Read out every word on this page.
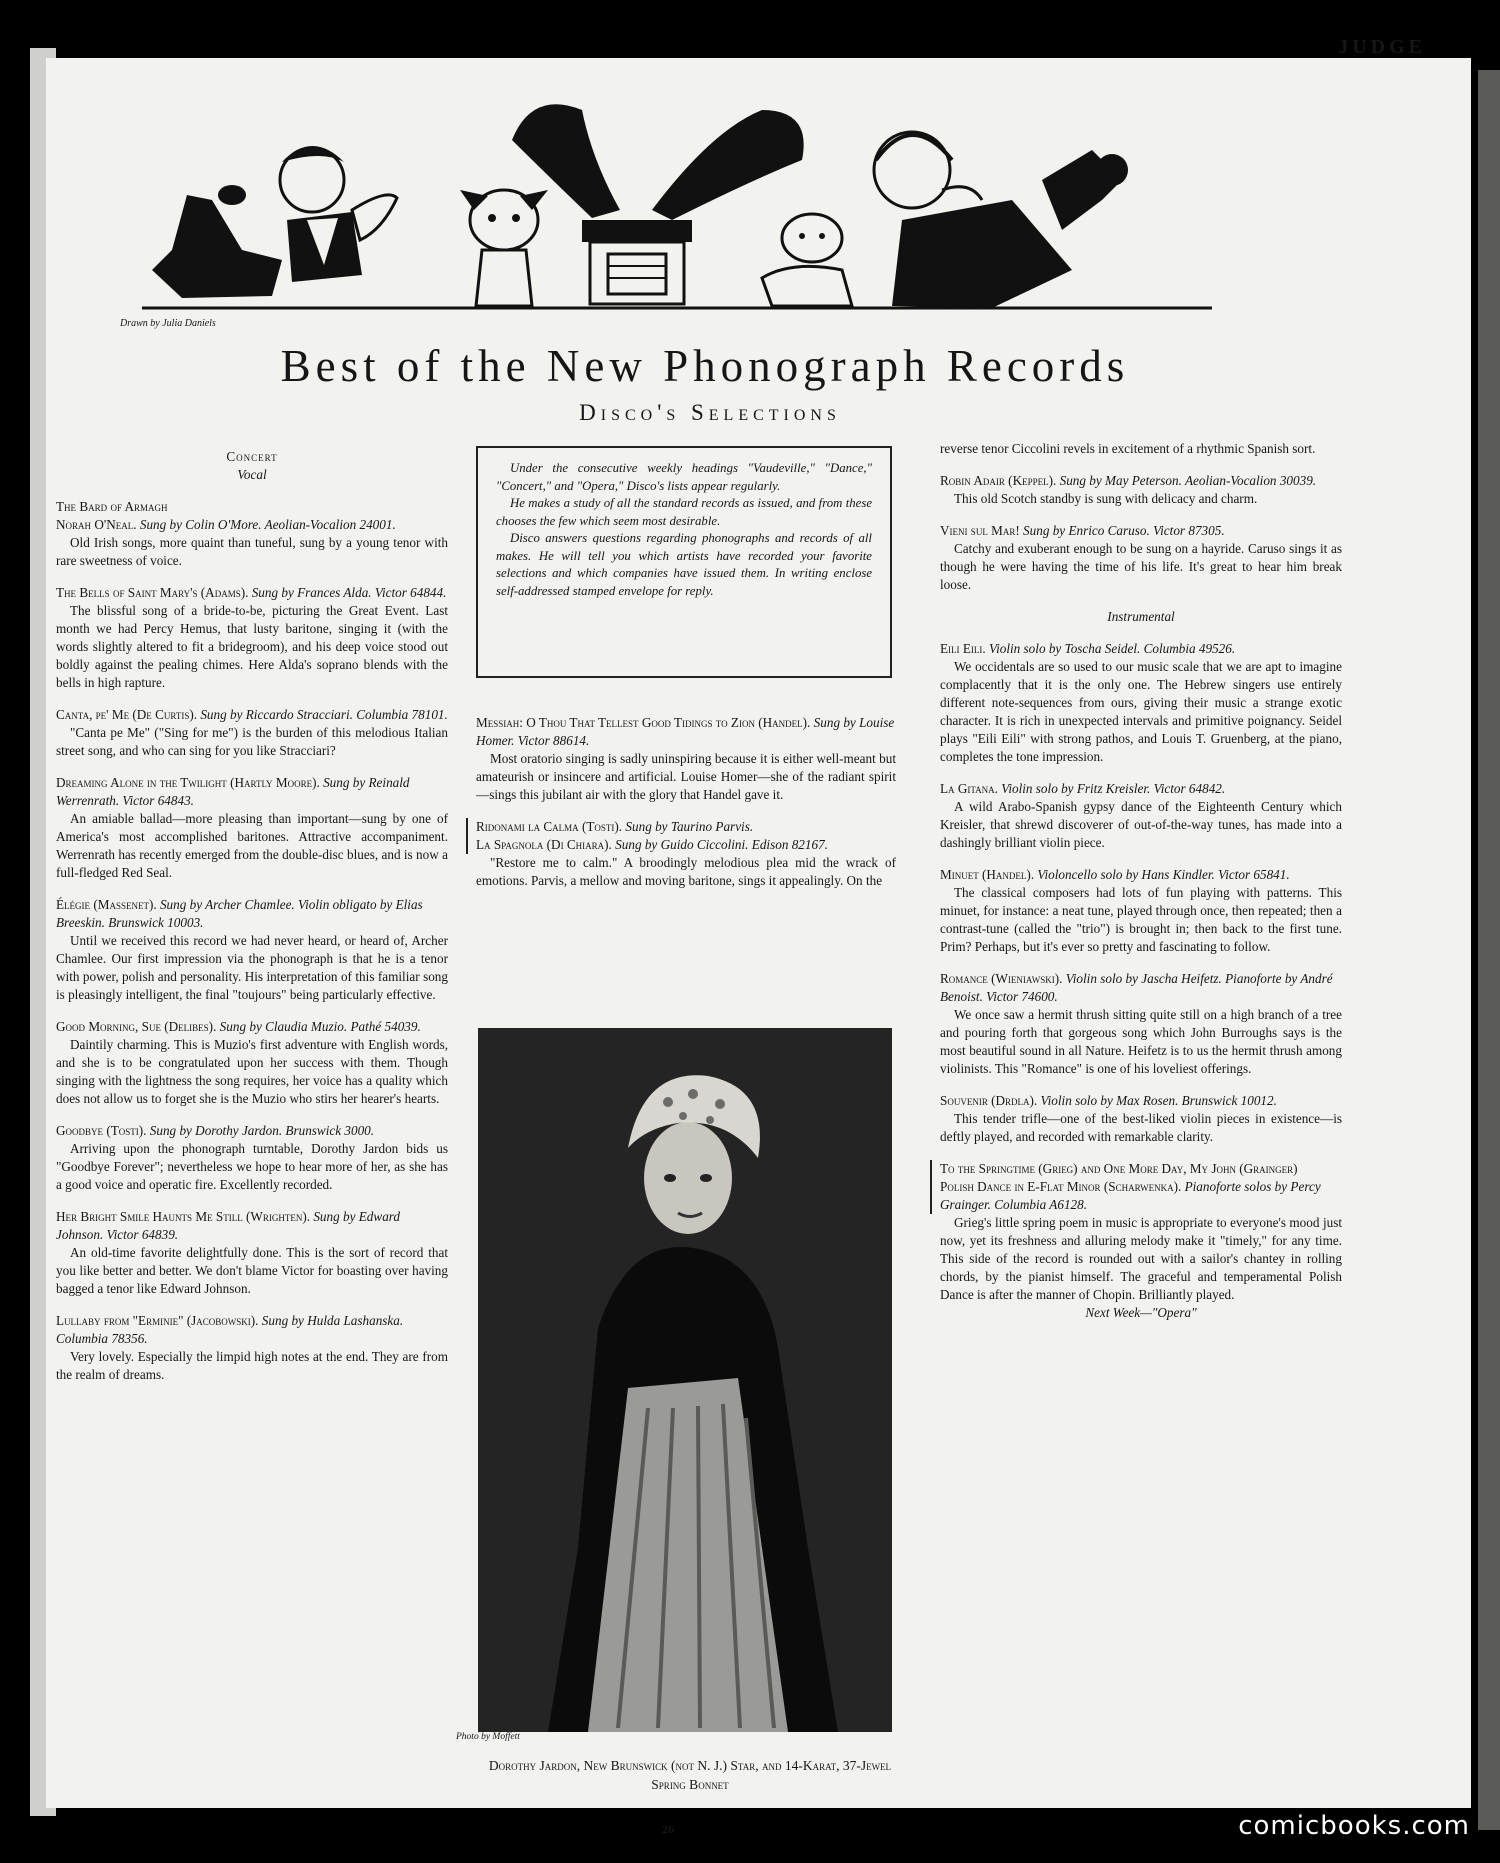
JUDGE
Drawn by Julia Daniels
Best of the New Phonograph Records
Disco's Selections

Concert

Vocal

The Bard of Armagh
Norah O'Neal. Sung by Colin O'More. Aeolian-Vocalion 24001.

Old Irish songs, more quaint than tuneful, sung by a young tenor with rare sweetness of voice.

The Bells of Saint Mary's (Adams). Sung by Frances Alda. Victor 64844.

The blissful song of a bride-to-be, picturing the Great Event. Last month we had Percy Hemus, that lusty baritone, singing it (with the words slightly altered to fit a bridegroom), and his deep voice stood out boldly against the pealing chimes. Here Alda's soprano blends with the bells in high rapture.

Canta, pe' Me (De Curtis). Sung by Riccardo Stracciari. Columbia 78101.

"Canta pe Me" ("Sing for me") is the burden of this melodious Italian street song, and who can sing for you like Stracciari?

Dreaming Alone in the Twilight (Hartly Moore). Sung by Reinald Werrenrath. Victor 64843.

An amiable ballad—more pleasing than important—sung by one of America's most accomplished baritones. Attractive accompaniment. Werrenrath has recently emerged from the double-disc blues, and is now a full-fledged Red Seal.

Élégie (Massenet). Sung by Archer Chamlee. Violin obligato by Elias Breeskin. Brunswick 10003.

Until we received this record we had never heard, or heard of, Archer Chamlee. Our first impression via the phonograph is that he is a tenor with power, polish and personality. His interpretation of this familiar song is pleasingly intelligent, the final "toujours" being particularly effective.

Good Morning, Sue (Delibes). Sung by Claudia Muzio. Pathé 54039.

Daintily charming. This is Muzio's first adventure with English words, and she is to be congratulated upon her success with them. Though singing with the lightness the song requires, her voice has a quality which does not allow us to forget she is the Muzio who stirs her hearer's hearts.

Goodbye (Tosti). Sung by Dorothy Jardon. Brunswick 3000.

Arriving upon the phonograph turntable, Dorothy Jardon bids us "Goodbye Forever"; nevertheless we hope to hear more of her, as she has a good voice and operatic fire. Excellently recorded.

Her Bright Smile Haunts Me Still (Wrighten). Sung by Edward Johnson. Victor 64839.

An old-time favorite delightfully done. This is the sort of record that you like better and better. We don't blame Victor for boasting over having bagged a tenor like Edward Johnson.

Lullaby from "Erminie" (Jacobowski). Sung by Hulda Lashanska. Columbia 78356.

Very lovely. Especially the limpid high notes at the end. They are from the realm of dreams.

Under the consecutive weekly headings "Vaudeville," "Dance," "Concert," and "Opera," Disco's lists appear regularly.

He makes a study of all the standard records as issued, and from these chooses the few which seem most desirable.

Disco answers questions regarding phonographs and records of all makes. He will tell you which artists have recorded your favorite selections and which companies have issued them. In writing enclose self-addressed stamped envelope for reply.

Messiah: O Thou That Tellest Good Tidings to Zion (Handel). Sung by Louise Homer. Victor 88614.

Most oratorio singing is sadly uninspiring because it is either well-meant but amateurish or insincere and artificial. Louise Homer—she of the radiant spirit—sings this jubilant air with the glory that Handel gave it.

Ridonami la Calma (Tosti). Sung by Taurino Parvis.

La Spagnola (Di Chiara). Sung by Guido Ciccolini. Edison 82167.

"Restore me to calm." A broodingly melodious plea mid the wrack of emotions. Parvis, a mellow and moving baritone, sings it appealingly. On the

Photo by Moffett
Dorothy Jardon, New Brunswick (not N. J.) Star, and 14-Karat, 37-Jewel Spring Bonnet

reverse tenor Ciccolini revels in excitement of a rhythmic Spanish sort.

Robin Adair (Keppel). Sung by May Peterson. Aeolian-Vocalion 30039.

This old Scotch standby is sung with delicacy and charm.

Vieni sul Mar! Sung by Enrico Caruso. Victor 87305.

Catchy and exuberant enough to be sung on a hayride. Caruso sings it as though he were having the time of his life. It's great to hear him break loose.

Instrumental

Eili Eili. Violin solo by Toscha Seidel. Columbia 49526.

We occidentals are so used to our music scale that we are apt to imagine complacently that it is the only one. The Hebrew singers use entirely different note-sequences from ours, giving their music a strange exotic character. It is rich in unexpected intervals and primitive poignancy. Seidel plays "Eili Eili" with strong pathos, and Louis T. Gruenberg, at the piano, completes the tone impression.

La Gitana. Violin solo by Fritz Kreisler. Victor 64842.

A wild Arabo-Spanish gypsy dance of the Eighteenth Century which Kreisler, that shrewd discoverer of out-of-the-way tunes, has made into a dashingly brilliant violin piece.

Minuet (Handel). Violoncello solo by Hans Kindler. Victor 65841.

The classical composers had lots of fun playing with patterns. This minuet, for instance: a neat tune, played through once, then repeated; then a contrast-tune (called the "trio") is brought in; then back to the first tune. Prim? Perhaps, but it's ever so pretty and fascinating to follow.

Romance (Wieniawski). Violin solo by Jascha Heifetz. Pianoforte by André Benoist. Victor 74600.

We once saw a hermit thrush sitting quite still on a high branch of a tree and pouring forth that gorgeous song which John Burroughs says is the most beautiful sound in all Nature. Heifetz is to us the hermit thrush among violinists. This "Romance" is one of his loveliest offerings.

Souvenir (Drdla). Violin solo by Max Rosen. Brunswick 10012.

This tender trifle—one of the best-liked violin pieces in existence—is deftly played, and recorded with remarkable clarity.

To the Springtime (Grieg) and One More Day, My John (Grainger)

Polish Dance in E-Flat Minor (Scharwenka). Pianoforte solos by Percy Grainger. Columbia A6128.

Grieg's little spring poem in music is appropriate to everyone's mood just now, yet its freshness and alluring melody make it "timely," for any time. This side of the record is rounded out with a sailor's chantey in rolling chords, by the pianist himself. The graceful and temperamental Polish Dance is after the manner of Chopin. Brilliantly played.

Next Week—"Opera"

26	comicbooks.com
